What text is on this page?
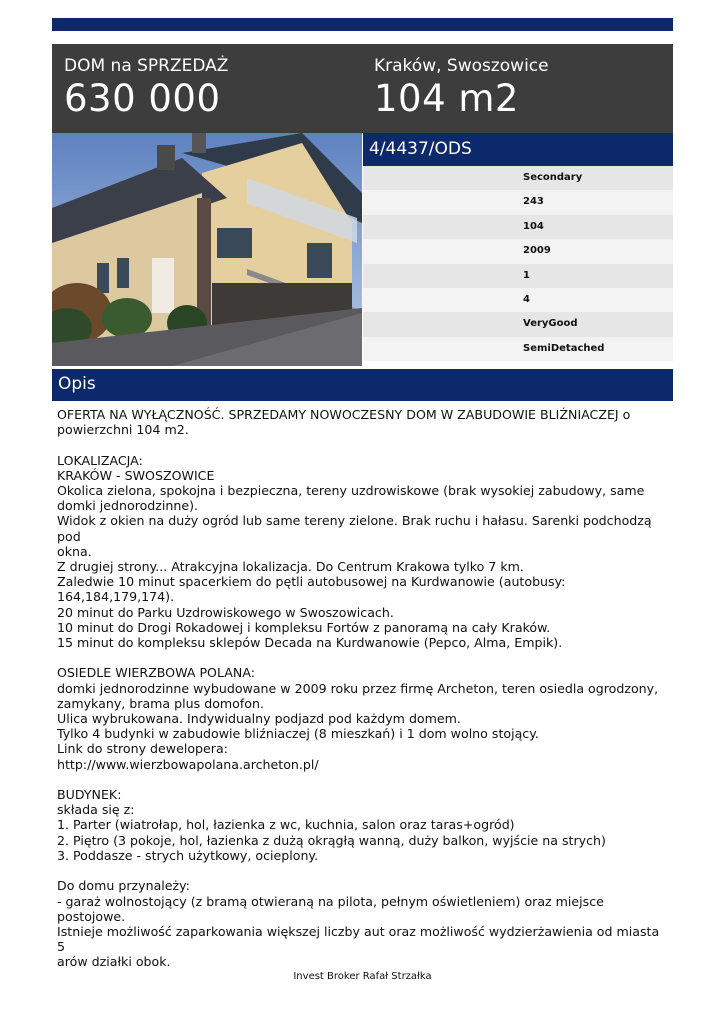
DOM na SPRZEDAŻ
630 000
Kraków, Swoszowice
104 m2
4/4437/ODS
Secondary
243
104
2009
1
4
VeryGood
SemiDetached
Opis
OFERTA NA WYŁĄCZNOŚĆ. SPRZEDAMY NOWOCZESNY DOM W ZABUDOWIE BLIŹNIACZEJ o
powierzchni 104 m2.

LOKALIZACJA:
KRAKÓW - SWOSZOWICE
Okolica zielona, spokojna i bezpieczna, tereny uzdrowiskowe (brak wysokiej zabudowy, same
domki jednorodzinne).
Widok z okien na duży ogród lub same tereny zielone. Brak ruchu i hałasu. Sarenki podchodzą pod
okna.
Z drugiej strony... Atrakcyjna lokalizacja. Do Centrum Krakowa tylko 7 km.
Zaledwie 10 minut spacerkiem do pętli autobusowej na Kurdwanowie (autobusy:
164,184,179,174).
20 minut do Parku Uzdrowiskowego w Swoszowicach.
10 minut do Drogi Rokadowej i kompleksu Fortów z panoramą na cały Kraków.
15 minut do kompleksu sklepów Decada na Kurdwanowie (Pepco, Alma, Empik).

OSIEDLE WIERZBOWA POLANA:
domki jednorodzinne wybudowane w 2009 roku przez firmę Archeton, teren osiedla ogrodzony,
zamykany, brama plus domofon.
Ulica wybrukowana. Indywidualny podjazd pod każdym domem.
Tylko 4 budynki w zabudowie bliźniaczej (8 mieszkań) i 1 dom wolno stojący.
Link do strony dewelopera:
http://www.wierzbowapolana.archeton.pl/

BUDYNEK:
składa się z:
1. Parter (wiatrołap, hol, łazienka z wc, kuchnia, salon oraz taras+ogród)
2. Piętro (3 pokoje, hol, łazienka z dużą okrągłą wanną, duży balkon, wyjście na strych)
3. Poddasze - strych użytkowy, ocieplony.

Do domu przynależy:
- garaż wolnostojący (z bramą otwieraną na pilota, pełnym oświetleniem) oraz miejsce postojowe.
Istnieje możliwość zaparkowania większej liczby aut oraz możliwość wydzierżawienia od miasta 5
arów działki obok.
Invest Broker Rafał Strzałka
